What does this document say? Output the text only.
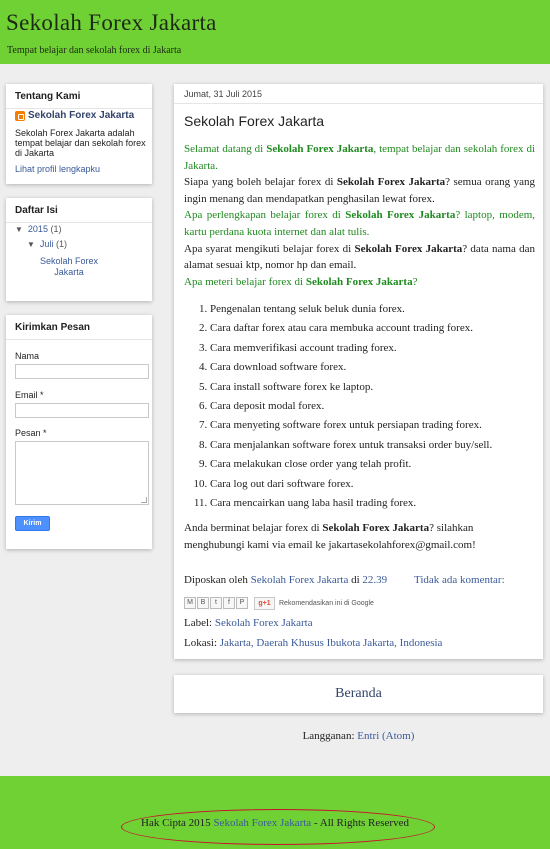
Sekolah Forex Jakarta
Tempat belajar dan sekolah forex di Jakarta
Tentang Kami
Sekolah Forex Jakarta
Sekolah Forex Jakarta adalah tempat belajar dan sekolah forex di Jakarta
Lihat profil lengkapku
Daftar Isi
▼ 2015 (1)
▼ Juli (1)
Sekolah Forex
Jakarta
Kirimkan Pesan
Nama
Email *
Pesan *
Kirim
Jumat, 31 Juli 2015
Sekolah Forex Jakarta
Selamat datang di Sekolah Forex Jakarta, tempat belajar dan sekolah forex di Jakarta.
Siapa yang boleh belajar forex di Sekolah Forex Jakarta? semua orang yang ingin menang dan mendapatkan penghasilan lewat forex.
Apa perlengkapan belajar forex di Sekolah Forex Jakarta? laptop, modem, kartu perdana kuota internet dan alat tulis.
Apa syarat mengikuti belajar forex di Sekolah Forex Jakarta? data nama dan alamat sesuai ktp, nomor hp dan email.
Apa meteri belajar forex di Sekolah Forex Jakarta?
1. Pengenalan tentang seluk beluk dunia forex.
2. Cara daftar forex atau cara membuka account trading forex.
3. Cara memverifikasi account trading forex.
4. Cara download software forex.
5. Cara install software forex ke laptop.
6. Cara deposit modal forex.
7. Cara menyeting software forex untuk persiapan trading forex.
8. Cara menjalankan software forex untuk transaksi order buy/sell.
9. Cara melakukan close order yang telah profit.
10. Cara log out dari software forex.
11. Cara mencairkan uang laba hasil trading forex.
Anda berminat belajar forex di Sekolah Forex Jakarta? silahkan menghubungi kami via email ke jakartasekolahforex@gmail.com!
Diposkan oleh Sekolah Forex Jakarta di 22.39 Tidak ada komentar:
M	B	t	f	P	g+1	Rekomendasikan ini di Google
Label: Sekolah Forex Jakarta
Lokasi: Jakarta, Daerah Khusus Ibukota Jakarta, Indonesia
Beranda
Langganan: Entri (Atom)
Hak Cipta 2015 Sekolah Forex Jakarta - All Rights Reserved
